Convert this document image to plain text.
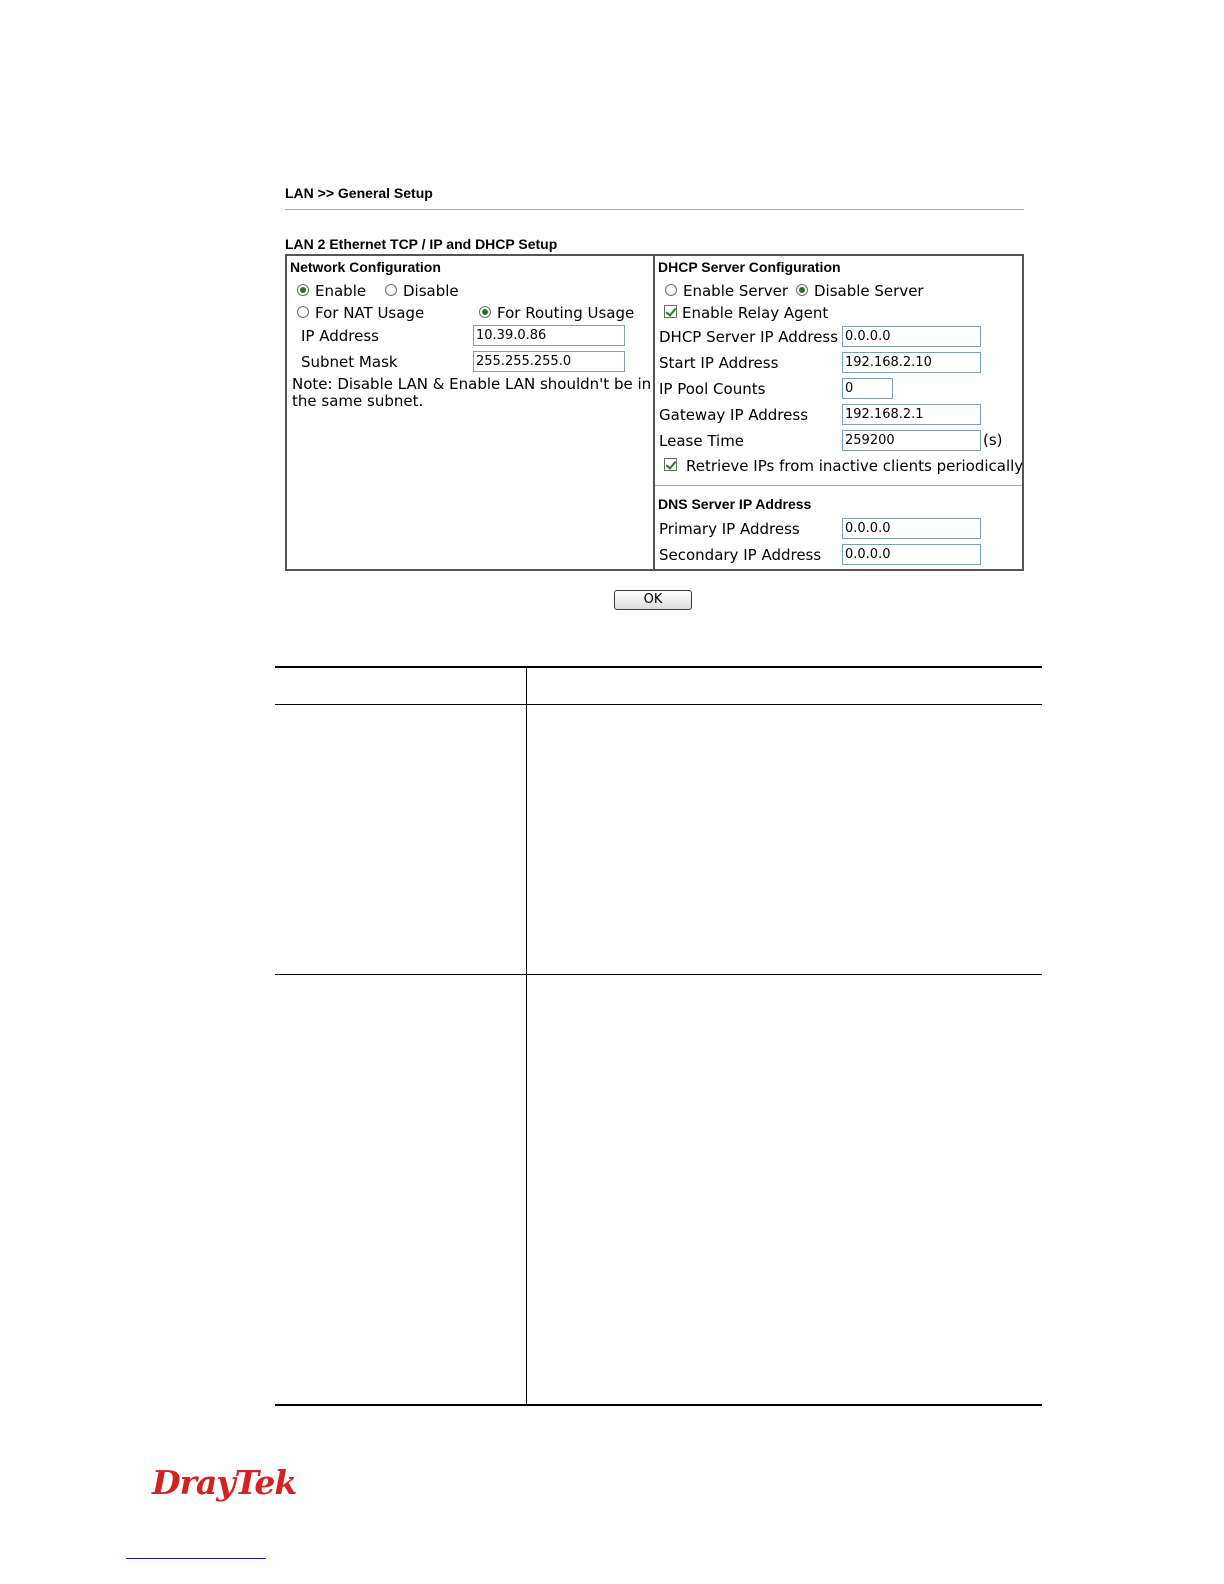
LAN >> General Setup
LAN 2 Ethernet TCP / IP and DHCP Setup
Network Configuration
Enable Disable
For NAT Usage	For Routing Usage
IP Address
10.39.0.86
Subnet Mask
255.255.255.0
Note: Disable LAN & Enable LAN shouldn't be in
the same subnet.
DHCP Server Configuration
Enable Server Disable Server
Enable Relay Agent
DHCP Server IP Address
0.0.0.0
Start IP Address
192.168.2.10
IP Pool Counts
0
Gateway IP Address
192.168.2.1
Lease Time
259200	(s)
Retrieve IPs from inactive clients periodically
DNS Server IP Address
Primary IP Address
0.0.0.0
Secondary IP Address
0.0.0.0
OK
DrayTek
